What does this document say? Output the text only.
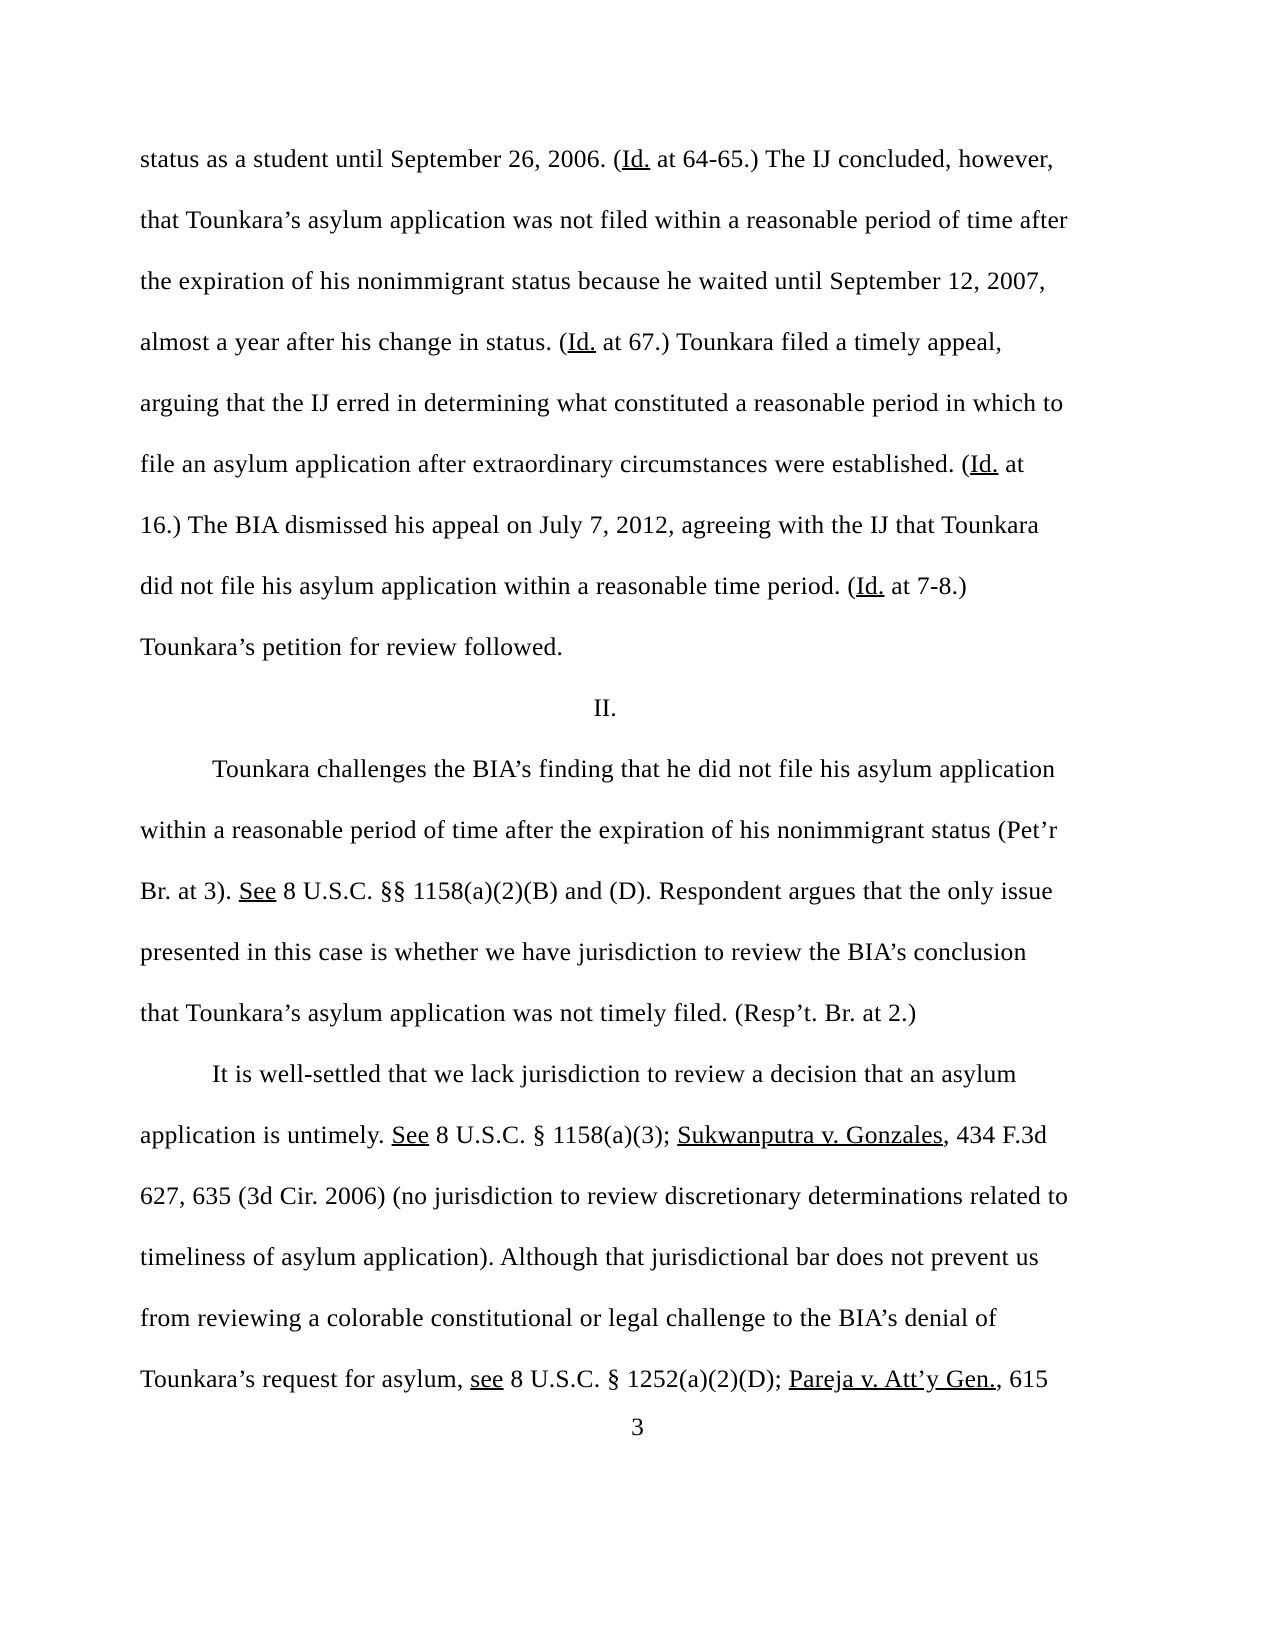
status as a student until September 26, 2006. (Id. at 64-65.) The IJ concluded, however, that Tounkara’s asylum application was not filed within a reasonable period of time after the expiration of his nonimmigrant status because he waited until September 12, 2007, almost a year after his change in status. (Id. at 67.) Tounkara filed a timely appeal, arguing that the IJ erred in determining what constituted a reasonable period in which to file an asylum application after extraordinary circumstances were established. (Id. at 16.) The BIA dismissed his appeal on July 7, 2012, agreeing with the IJ that Tounkara did not file his asylum application within a reasonable time period. (Id. at 7-8.) Tounkara’s petition for review followed.

II.

Tounkara challenges the BIA’s finding that he did not file his asylum application within a reasonable period of time after the expiration of his nonimmigrant status (Pet’r Br. at 3). See 8 U.S.C. §§ 1158(a)(2)(B) and (D). Respondent argues that the only issue presented in this case is whether we have jurisdiction to review the BIA’s conclusion that Tounkara’s asylum application was not timely filed. (Resp’t. Br. at 2.)

It is well-settled that we lack jurisdiction to review a decision that an asylum application is untimely. See 8 U.S.C. § 1158(a)(3); Sukwanputra v. Gonzales, 434 F.3d 627, 635 (3d Cir. 2006) (no jurisdiction to review discretionary determinations related to timeliness of asylum application). Although that jurisdictional bar does not prevent us from reviewing a colorable constitutional or legal challenge to the BIA’s denial of Tounkara’s request for asylum, see 8 U.S.C. § 1252(a)(2)(D); Pareja v. Att’y Gen., 615

3
